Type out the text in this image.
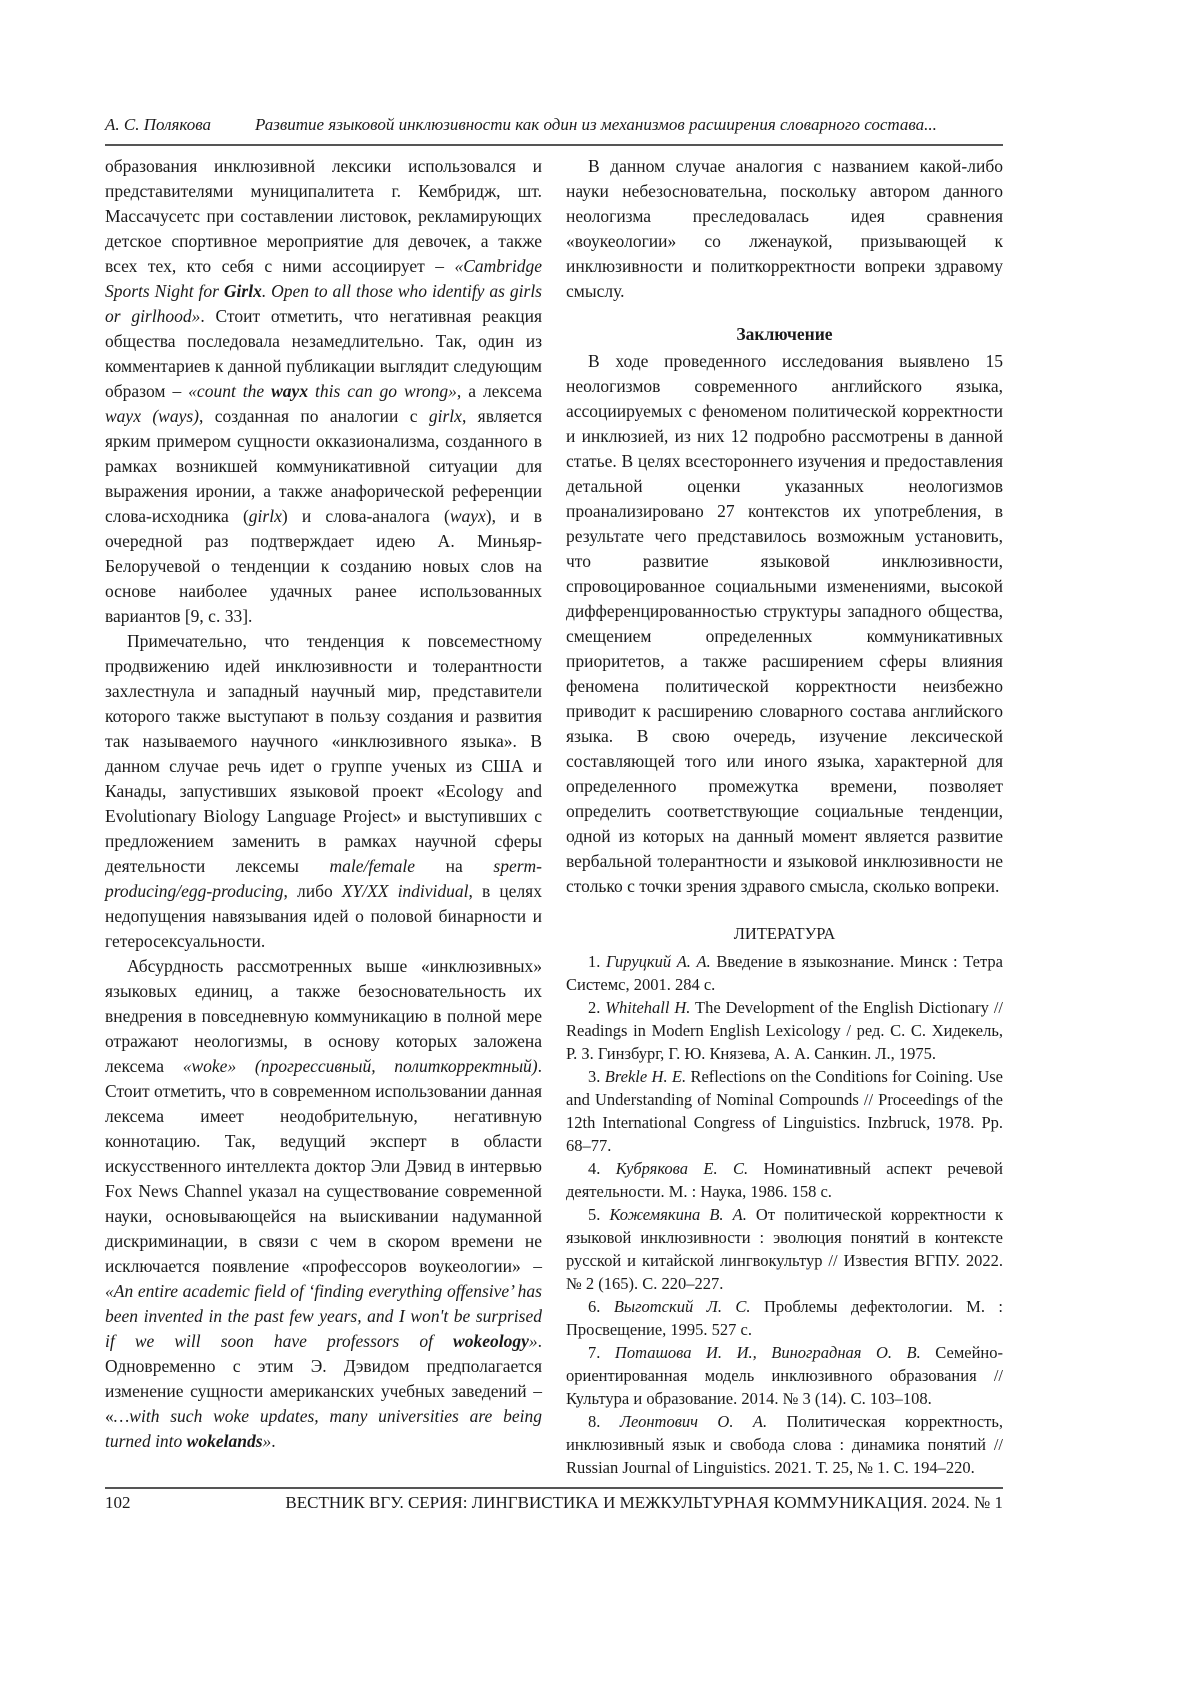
А. С. Полякова	Развитие языковой инклюзивности как один из механизмов расширения словарного состава...

образования инклюзивной лексики использовался и представителями муниципалитета г. Кембридж, шт. Массачусетс при составлении листовок, рекламирующих детское спортивное мероприятие для девочек, а также всех тех, кто себя с ними ассоциирует – «Cambridge Sports Night for Girlx. Open to all those who identify as girls or girlhood». Стоит отметить, что негативная реакция общества последовала незамедлительно. Так, один из комментариев к данной публикации выглядит следующим образом – «count the wayx this can go wrong», а лексема wayx (ways), созданная по аналогии с girlx, является ярким примером сущности окказионализма, созданного в рамках возникшей коммуникативной ситуации для выражения иронии, а также анафорической референции слова-исходника (girlx) и слова-аналога (wayx), и в очередной раз подтверждает идею А. Миньяр-Белоручевой о тенденции к созданию новых слов на основе наиболее удачных ранее использованных вариантов [9, с. 33].

Примечательно, что тенденция к повсеместному продвижению идей инклюзивности и толерантности захлестнула и западный научный мир, представители которого также выступают в пользу создания и развития так называемого научного «инклюзивного языка». В данном случае речь идет о группе ученых из США и Канады, запустивших языковой проект «Ecology and Evolutionary Biology Language Project» и выступивших с предложением заменить в рамках научной сферы деятельности лексемы male/female на sperm-producing/egg-producing, либо XY/XX individual, в целях недопущения навязывания идей о половой бинарности и гетеросексуальности.

Абсурдность рассмотренных выше «инклюзивных» языковых единиц, а также безосновательность их внедрения в повседневную коммуникацию в полной мере отражают неологизмы, в основу которых заложена лексема «woke» (прогрессивный, политкорректный). Стоит отметить, что в современном использовании данная лексема имеет неодобрительную, негативную коннотацию. Так, ведущий эксперт в области искусственного интеллекта доктор Эли Дэвид в интервью Fox News Channel указал на существование современной науки, основывающейся на выискивании надуманной дискриминации, в связи с чем в скором времени не исключается появление «профессоров воукеологии» – «An entire academic field of ‘finding everything offensive’ has been invented in the past few years, and I won't be surprised if we will soon have professors of wokeology». Одновременно с этим Э. Дэвидом предполагается изменение сущности американских учебных заведений – «…with such woke updates, many universities are being turned into wokelands».

В данном случае аналогия с названием какой-либо науки небезосновательна, поскольку автором данного неологизма преследовалась идея сравнения «воукеологии» со лженаукой, призывающей к инклюзивности и политкорректности вопреки здравому смыслу.

Заключение

В ходе проведенного исследования выявлено 15 неологизмов современного английского языка, ассоциируемых с феноменом политической корректности и инклюзией, из них 12 подробно рассмотрены в данной статье. В целях всестороннего изучения и предоставления детальной оценки указанных неологизмов проанализировано 27 контекстов их употребления, в результате чего представилось возможным установить, что развитие языковой инклюзивности, спровоцированное социальными изменениями, высокой дифференцированностью структуры западного общества, смещением определенных коммуникативных приоритетов, а также расширением сферы влияния феномена политической корректности неизбежно приводит к расширению словарного состава английского языка. В свою очередь, изучение лексической составляющей того или иного языка, характерной для определенного промежутка времени, позволяет определить соответствующие социальные тенденции, одной из которых на данный момент является развитие вербальной толерантности и языковой инклюзивности не столько с точки зрения здравого смысла, сколько вопреки.

ЛИТЕРАТУРА

1. Гируцкий А. А. Введение в языкознание. Минск : Тетра Системс, 2001. 284 с.

2. Whitehall H. The Development of the English Dictionary // Readings in Modern English Lexicology / ред. С. С. Хидекель, Р. З. Гинзбург, Г. Ю. Князева, А. А. Санкин. Л., 1975.

3. Brekle H. E. Reflections on the Conditions for Coining. Use and Understanding of Nominal Compounds // Proceedings of the 12th International Congress of Linguistics. Inzbruck, 1978. Pp. 68–77.

4. Кубрякова Е. С. Номинативный аспект речевой деятельности. М. : Наука, 1986. 158 с.

5. Кожемякина В. А. От политической корректности к языковой инклюзивности : эволюция понятий в контексте русской и китайской лингвокультур // Известия ВГПУ. 2022. № 2 (165). С. 220–227.

6. Выготский Л. С. Проблемы дефектологии. М. : Просвещение, 1995. 527 с.

7. Поташова И. И., Виноградная О. В. Семейно-ориентированная модель инклюзивного образования // Культура и образование. 2014. № 3 (14). С. 103–108.

8. Леонтович О. А. Политическая корректность, инклюзивный язык и свобода слова : динамика понятий // Russian Journal of Linguistics. 2021. Т. 25, № 1. С. 194–220.

102	ВЕСТНИК ВГУ. СЕРИЯ: ЛИНГВИСТИКА И МЕЖКУЛЬТУРНАЯ КОММУНИКАЦИЯ. 2024. № 1
